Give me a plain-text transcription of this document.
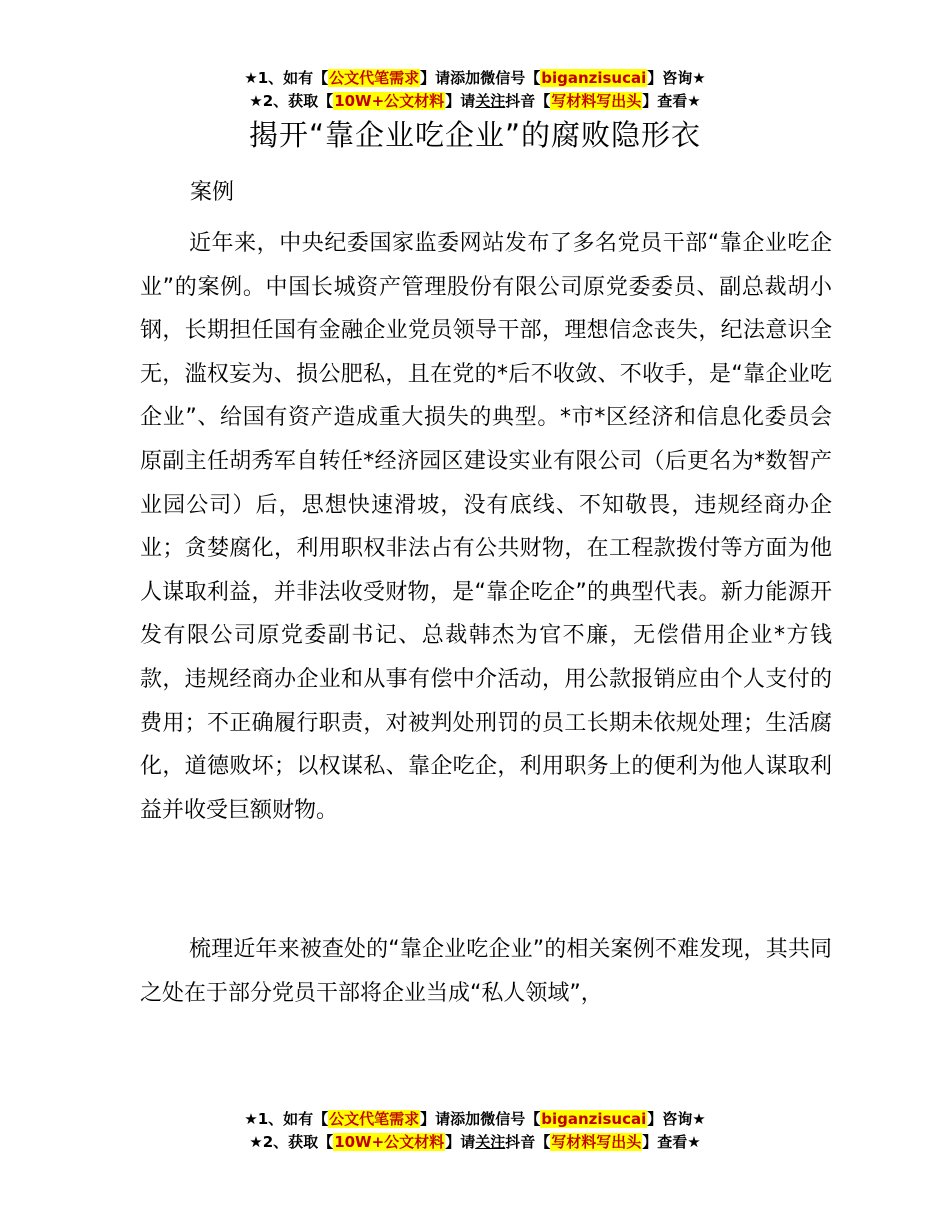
★1、如有【公文代笔需求】请添加微信号【biganzisucai】咨询★
★2、获取【10W+公文材料】请关注抖音【写材料写出头】查看★
揭开“靠企业吃企业”的腐败隐形衣
案例

近年来，中央纪委国家监委网站发布了多名党员干部“靠企业吃企业”的案例。中国长城资产管理股份有限公司原党委委员、副总裁胡小钢，长期担任国有金融企业党员领导干部，理想信念丧失，纪法意识全无，滥权妄为、损公肥私，且在党的*后不收敛、不收手，是“靠企业吃企业”、给国有资产造成重大损失的典型。*市*区经济和信息化委员会原副主任胡秀军自转任*经济园区建设实业有限公司（后更名为*数智产业园公司）后，思想快速滑坡，没有底线、不知敬畏，违规经商办企业；贪婪腐化，利用职权非法占有公共财物，在工程款拨付等方面为他人谋取利益，并非法收受财物，是“靠企吃企”的典型代表。新力能源开发有限公司原党委副书记、总裁韩杰为官不廉，无偿借用企业*方钱款，违规经商办企业和从事有偿中介活动，用公款报销应由个人支付的费用；不正确履行职责，对被判处刑罚的员工长期未依规处理；生活腐化，道德败坏；以权谋私、靠企吃企，利用职务上的便利为他人谋取利益并收受巨额财物。

梳理近年来被查处的“靠企业吃企业”的相关案例不难发现，其共同之处在于部分党员干部将企业当成“私人领域”，

★1、如有【公文代笔需求】请添加微信号【biganzisucai】咨询★
★2、获取【10W+公文材料】请关注抖音【写材料写出头】查看★
